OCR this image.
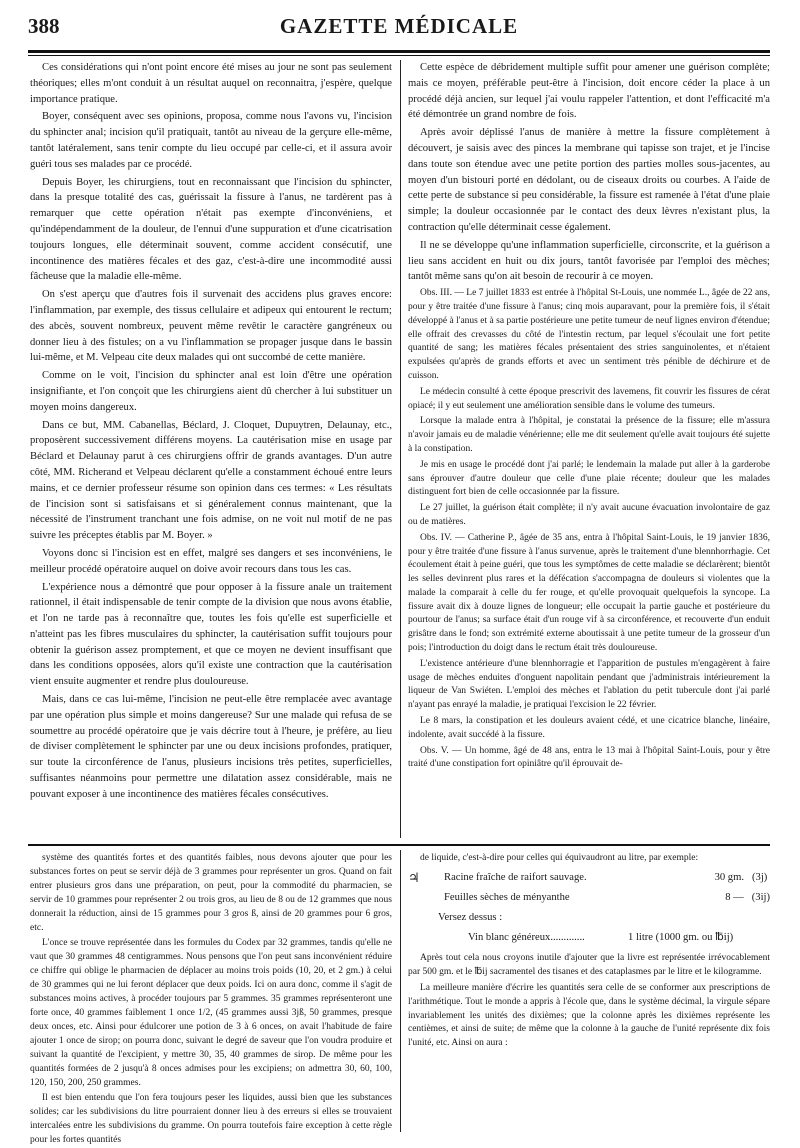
388	GAZETTE MÉDICALE

Ces considérations qui n'ont point encore été mises au jour ne sont pas seulement théoriques; elles m'ont conduit à un résultat auquel on reconnaitra, j'espère, quelque importance pratique.

Boyer, conséquent avec ses opinions, proposa, comme nous l'avons vu, l'incision du sphincter anal; incision qu'il pratiquait, tantôt au niveau de la gerçure elle-même, tantôt latéralement, sans tenir compte du lieu occupé par celle-ci, et il assura avoir guéri tous ses malades par ce procédé.

Depuis Boyer, les chirurgiens, tout en reconnaissant que l'incision du sphincter, dans la presque totalité des cas, guérissait la fissure à l'anus, ne tardèrent pas à remarquer que cette opération n'était pas exempte d'inconvéniens, et qu'indépendamment de la douleur, de l'ennui d'une suppuration et d'une cicatrisation toujours longues, elle déterminait souvent, comme accident consécutif, une incontinence des matières fécales et des gaz, c'est-à-dire une incommodité aussi fâcheuse que la maladie elle-même.

On s'est aperçu que d'autres fois il survenait des accidens plus graves encore: l'inflammation, par exemple, des tissus cellulaire et adipeux qui entourent le rectum; des abcès, souvent nombreux, peuvent même revêtir le caractère gangréneux ou donner lieu à des fistules; on a vu l'inflammation se propager jusque dans le bassin lui-même, et M. Velpeau cite deux malades qui ont succombé de cette manière.

Comme on le voit, l'incision du sphincter anal est loin d'être une opération insignifiante, et l'on conçoit que les chirurgiens aient dû chercher à lui substituer un moyen moins dangereux.

Dans ce but, MM. Cabanellas, Béclard, J. Cloquet, Dupuytren, Delaunay, etc., proposèrent successivement différens moyens. La cautérisation mise en usage par Béclard et Delaunay parut à ces chirurgiens offrir de grands avantages. D'un autre côté, MM. Richerand et Velpeau déclarent qu'elle a constamment échoué entre leurs mains, et ce dernier professeur résume son opinion dans ces termes: « Les résultats de l'incision sont si satisfaisans et si généralement connus maintenant, que la nécessité de l'instrument tranchant une fois admise, on ne voit nul motif de ne pas suivre les préceptes établis par M. Boyer. »

Voyons donc si l'incision est en effet, malgré ses dangers et ses inconvéniens, le meilleur procédé opératoire auquel on doive avoir recours dans tous les cas.

L'expérience nous a démontré que pour opposer à la fissure anale un traitement rationnel, il était indispensable de tenir compte de la division que nous avons établie, et l'on ne tarde pas à reconnaître que, toutes les fois qu'elle est superficielle et n'atteint pas les fibres musculaires du sphincter, la cautérisation suffit toujours pour obtenir la guérison assez promptement, et que ce moyen ne devient insuffisant que dans les conditions opposées, alors qu'il existe une contraction que la cautérisation vient ensuite augmenter et rendre plus douloureuse.

Mais, dans ce cas lui-même, l'incision ne peut-elle être remplacée avec avantage par une opération plus simple et moins dangereuse? Sur une malade qui refusa de se soumettre au procédé opératoire que je vais décrire tout à l'heure, je préfère, au lieu de diviser complètement le sphincter par une ou deux incisions profondes, pratiquer, sur toute la circonférence de l'anus, plusieurs incisions très petites, superficielles, suffisantes néanmoins pour permettre une dilatation assez considérable, mais ne pouvant exposer à une incontinence des matières fécales consécutives.

Cette espèce de débridement multiple suffit pour amener une guérison complète; mais ce moyen, préférable peut-être à l'incision, doit encore céder la place à un procédé déjà ancien, sur lequel j'ai voulu rappeler l'attention, et dont l'efficacité m'a été démontrée un grand nombre de fois.

Après avoir déplissé l'anus de manière à mettre la fissure complètement à découvert, je saisis avec des pinces la membrane qui tapisse son trajet, et je l'incise dans toute son étendue avec une petite portion des parties molles sous-jacentes, au moyen d'un bistouri porté en dédolant, ou de ciseaux droits ou courbes. A l'aide de cette perte de substance si peu considérable, la fissure est ramenée à l'état d'une plaie simple; la douleur occasionnée par le contact des deux lèvres n'existant plus, la contraction qu'elle déterminait cesse également.

Il ne se développe qu'une inflammation superficielle, circonscrite, et la guérison a lieu sans accident en huit ou dix jours, tantôt favorisée par l'emploi des mèches; tantôt même sans qu'on ait besoin de recourir à ce moyen.

Obs. III. — Le 7 juillet 1833 est entrée à l'hôpital St-Louis, une nommée L., âgée de 22 ans, pour y être traitée d'une fissure à l'anus; cinq mois auparavant, pour la première fois, il s'était développé à l'anus et à sa partie postérieure une petite tumeur de neuf lignes environ d'étendue; elle offrait des crevasses du côté de l'intestin rectum, par lequel s'écoulait une fort petite quantité de sang; les matières fécales présentaient des stries sanguinolentes, et n'étaient expulsées qu'après de grands efforts et avec un sentiment très pénible de déchirure et de cuisson.

Le médecin consulté à cette époque prescrivit des lavemens, fit couvrir les fissures de cérat opiacé; il y eut seulement une amélioration sensible dans le volume des tumeurs.

Lorsque la malade entra à l'hôpital, je constatai la présence de la fissure; elle m'assura n'avoir jamais eu de maladie vénérienne; elle me dit seulement qu'elle avait toujours été sujette à la constipation.

Je mis en usage le procédé dont j'ai parlé; le lendemain la malade put aller à la garderobe sans éprouver d'autre douleur que celle d'une plaie récente; douleur que les malades distinguent fort bien de celle occasionnée par la fissure.

Le 27 juillet, la guérison était complète; il n'y avait aucune évacuation involontaire de gaz ou de matières.

Obs. IV. — Catherine P., âgée de 35 ans, entra à l'hôpital Saint-Louis, le 19 janvier 1836, pour y être traitée d'une fissure à l'anus survenue, après le traitement d'une blennhorrhagie. Cet écoulement était à peine guéri, que tous les symptômes de cette maladie se déclarèrent; bientôt les selles devinrent plus rares et la défécation s'accompagna de douleurs si violentes que la malade la comparait à celle du fer rouge, et qu'elle provoquait quelquefois la syncope. La fissure avait dix à douze lignes de longueur; elle occupait la partie gauche et postérieure du pourtour de l'anus; sa surface était d'un rouge vif à sa circonférence, et recouverte d'un enduit grisâtre dans le fond; son extrémité externe aboutissait à une petite tumeur de la grosseur d'un pois; l'introduction du doigt dans le rectum était très douloureuse.

L'existence antérieure d'une blennhorragie et l'apparition de pustules m'engagèrent à faire usage de mèches enduites d'onguent napolitain pendant que j'administrais intérieurement la liqueur de Van Swiéten. L'emploi des mèches et l'ablation du petit tubercule dont j'ai parlé n'ayant pas enrayé la maladie, je pratiquai l'excision le 22 février.

Le 8 mars, la constipation et les douleurs avaient cédé, et une cicatrice blanche, linéaire, indolente, avait succédé à la fissure.

Obs. V. — Un homme, âgé de 48 ans, entra le 13 mai à l'hôpital Saint-Louis, pour y être traité d'une constipation fort opiniâtre qu'il éprouvait de-

système des quantités fortes et des quantités faibles, nous devons ajouter que pour les substances fortes on peut se servir déjà de 3 grammes pour représenter un gros. Quand on fait entrer plusieurs gros dans une préparation, on peut, pour la commodité du pharmacien, se servir de 10 grammes pour représenter 2 ou trois gros, au lieu de 8 ou de 12 grammes que nous donnerait la réduction, ainsi de 15 grammes pour 3 gros ß, ainsi de 20 grammes pour 6 gros, etc.

L'once se trouve représentée dans les formules du Codex par 32 grammes, tandis qu'elle ne vaut que 30 grammes 48 centigrammes. Nous pensons que l'on peut sans inconvénient réduire ce chiffre qui oblige le pharmacien de déplacer au moins trois poids (10, 20, et 2 gm.) à celui de 30 grammes qui ne lui feront déplacer que deux poids. Ici on aura donc, comme il s'agit de substances moins actives, à procéder toujours par 5 grammes. 35 grammes représenteront une forte once, 40 grammes faiblement 1 once 1/2, (45 grammes aussi 3jß, 50 grammes, presque deux onces, etc. Ainsi pour édulcorer une potion de 3 à 6 onces, on avait l'habitude de faire ajouter 1 once de sirop; on pourra donc, suivant le degré de saveur que l'on voudra produire et suivant la quantité de l'excipient, y mettre 30, 35, 40 grammes de sirop. De même pour les quantités formées de 2 jusqu'à 8 onces admises pour les excipiens; on admettra 30, 60, 100, 120, 150, 200, 250 grammes.

Il est bien entendu que l'on fera toujours peser les liquides, aussi bien que les substances solides; car les subdivisions du litre pourraient donner lieu à des erreurs si elles se trouvaient intercalées entre les subdivisions du gramme. On pourra toutefois faire exception à cette règle pour les fortes quantités

de liquide, c'est-à-dire pour celles qui équivaudront au litre, par exemple:

♃	Racine fraîche de raifort sauvage.	30 gm. (3j)
Feuilles sèches de ményanthe	8 — (3ij)
Versez dessus :
Vin blanc généreux.............	1 litre (1000 gm. ou ℔ij)

Après tout cela nous croyons inutile d'ajouter que la livre est représentée irrévocablement par 500 gm. et le ℔ij sacramentel des tisanes et des cataplasmes par le litre et le kilogramme.

La meilleure manière d'écrire les quantités sera celle de se conformer aux prescriptions de l'arithmétique. Tout le monde a appris à l'école que, dans le système décimal, la virgule sépare invariablement les unités des dixièmes; que la colonne après les dixièmes représente les centièmes, et ainsi de suite; de même que la colonne à la gauche de l'unité représente dix fois l'unité, etc. Ainsi on aura :
